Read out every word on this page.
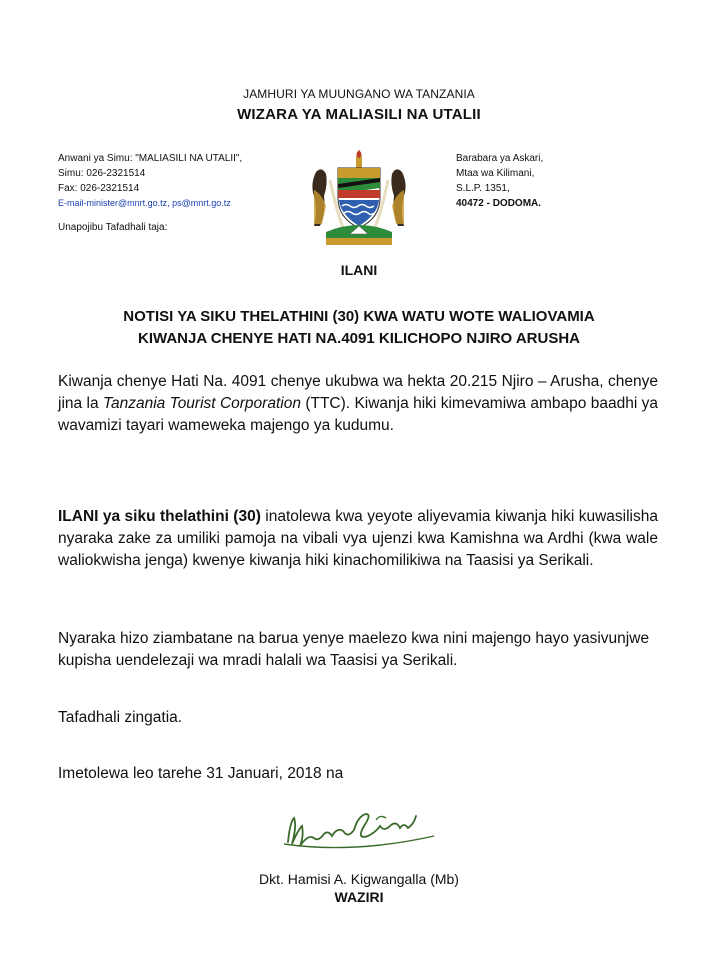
JAMHURI YA MUUNGANO WA TANZANIA
WIZARA YA MALIASILI NA UTALII
Anwani ya Simu: "MALIASILI NA UTALII",
Simu: 026-2321514
Fax: 026-2321514
E-mail-minister@mnrt.go.tz, ps@mnrt.go.tz
Barabara ya Askari,
Mtaa wa Kilimani,
S.L.P. 1351,
40472 - DODOMA.
Unapojibu Tafadhali taja:
ILANI
NOTISI YA SIKU THELATHINI (30) KWA WATU WOTE WALIOVAMIA
KIWANJA CHENYE HATI NA.4091 KILICHOPO NJIRO ARUSHA
Kiwanja chenye Hati Na. 4091 chenye ukubwa wa hekta 20.215 Njiro – Arusha, chenye jina la Tanzania Tourist Corporation (TTC). Kiwanja hiki kimevamiwa ambapo baadhi ya wavamizi tayari wameweka majengo ya kudumu.
ILANI ya siku thelathini (30) inatolewa kwa yeyote aliyevamia kiwanja hiki kuwasilisha nyaraka zake za umiliki pamoja na vibali vya ujenzi kwa Kamishna wa Ardhi (kwa wale waliokwisha jenga) kwenye kiwanja hiki kinachomilikiwa na Taasisi ya Serikali.
Nyaraka hizo ziambatane na barua yenye maelezo kwa nini majengo hayo yasivunjwe kupisha uendelezaji wa mradi halali wa Taasisi ya Serikali.
Tafadhali zingatia.
Imetolewa leo tarehe 31 Januari, 2018 na
Dkt. Hamisi A. Kigwangalla (Mb)
WAZIRI
